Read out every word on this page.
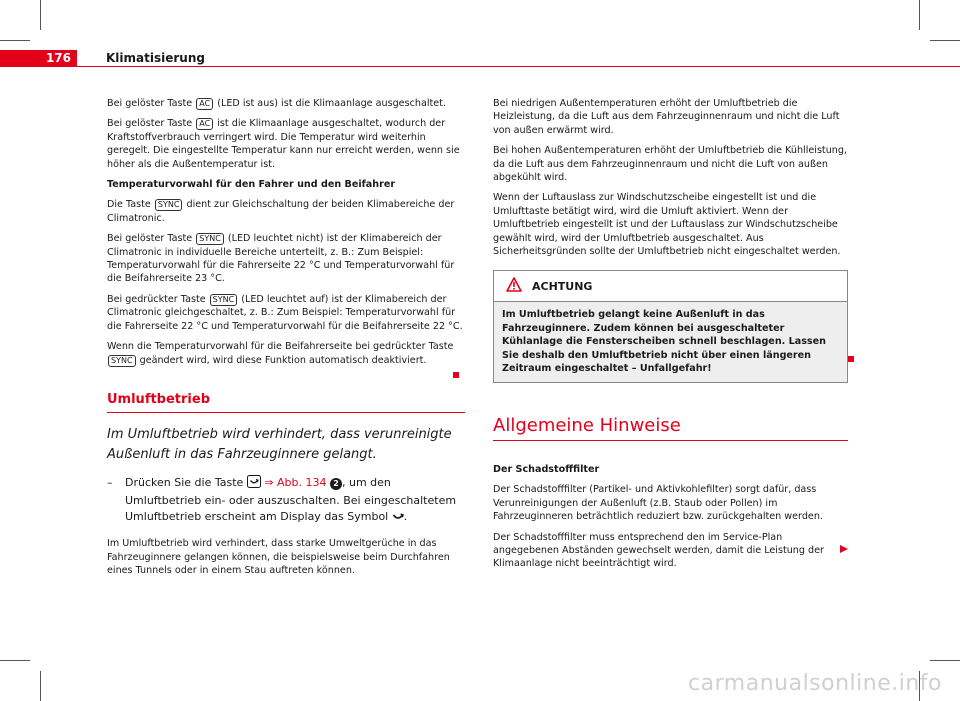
176	Klimatisierung

Bei gelöster Taste AC (LED ist aus) ist die Klimaanlage ausgeschaltet.

Bei gelöster Taste AC ist die Klimaanlage ausgeschaltet, wodurch der Kraftstoffverbrauch verringert wird. Die Temperatur wird weiterhin geregelt. Die eingestellte Temperatur kann nur erreicht werden, wenn sie höher als die Außentemperatur ist.

Temperaturvorwahl für den Fahrer und den Beifahrer

Die Taste SYNC dient zur Gleichschaltung der beiden Klimabereiche der Climatronic.

Bei gelöster Taste SYNC (LED leuchtet nicht) ist der Klimabereich der Climatronic in individuelle Bereiche unterteilt, z. B.: Zum Beispiel: Temperaturvorwahl für die Fahrerseite 22 °C und Temperaturvorwahl für die Beifahrerseite 23 °C.

Bei gedrückter Taste SYNC (LED leuchtet auf) ist der Klimabereich der Climatronic gleichgeschaltet, z. B.: Zum Beispiel: Temperaturvorwahl für die Fahrerseite 22 °C und Temperaturvorwahl für die Beifahrerseite 22 °C.

Wenn die Temperaturvorwahl für die Beifahrerseite bei gedrückter Taste SYNC geändert wird, wird diese Funktion automatisch deaktiviert.

Umluftbetrieb
Im Umluftbetrieb wird verhindert, dass verunreinigte Außenluft in das Fahrzeuginnere gelangt.
–	Drücken Sie die Taste ⇒ Abb. 134 2 , um den Umluftbetrieb ein- oder auszuschalten. Bei eingeschaltetem Umluftbetrieb erscheint am Display das Symbol .

Im Umluftbetrieb wird verhindert, dass starke Umweltgerüche in das Fahrzeuginnere gelangen können, die beispielsweise beim Durchfahren eines Tunnels oder in einem Stau auftreten können.

Bei niedrigen Außentemperaturen erhöht der Umluftbetrieb die Heizleistung, da die Luft aus dem Fahrzeuginnenraum und nicht die Luft von außen erwärmt wird.

Bei hohen Außentemperaturen erhöht der Umluftbetrieb die Kühlleistung, da die Luft aus dem Fahrzeuginnenraum und nicht die Luft von außen abgekühlt wird.

Wenn der Luftauslass zur Windschutzscheibe eingestellt ist und die Umlufttaste betätigt wird, wird die Umluft aktiviert. Wenn der Umluftbetrieb eingestellt ist und der Luftauslass zur Windschutzscheibe gewählt wird, wird der Umluftbetrieb ausgeschaltet. Aus Sicherheitsgründen sollte der Umluftbetrieb nicht eingeschaltet werden.

ACHTUNG
Im Umluftbetrieb gelangt keine Außenluft in das Fahrzeuginnere. Zudem können bei ausgeschalteter Kühlanlage die Fensterscheiben schnell beschlagen. Lassen Sie deshalb den Umluftbetrieb nicht über einen längeren Zeitraum eingeschaltet – Unfallgefahr!
Allgemeine Hinweise

Der Schadstofffilter

Der Schadstofffilter (Partikel- und Aktivkohlefilter) sorgt dafür, dass Verunreinigungen der Außenluft (z.B. Staub oder Pollen) im Fahrzeuginneren beträchtlich reduziert bzw. zurückgehalten werden.

Der Schadstofffilter muss entsprechend den im Service-Plan angegebenen Abständen gewechselt werden, damit die Leistung der Klimaanlage nicht beeinträchtigt wird.

carmanualsonline.info
